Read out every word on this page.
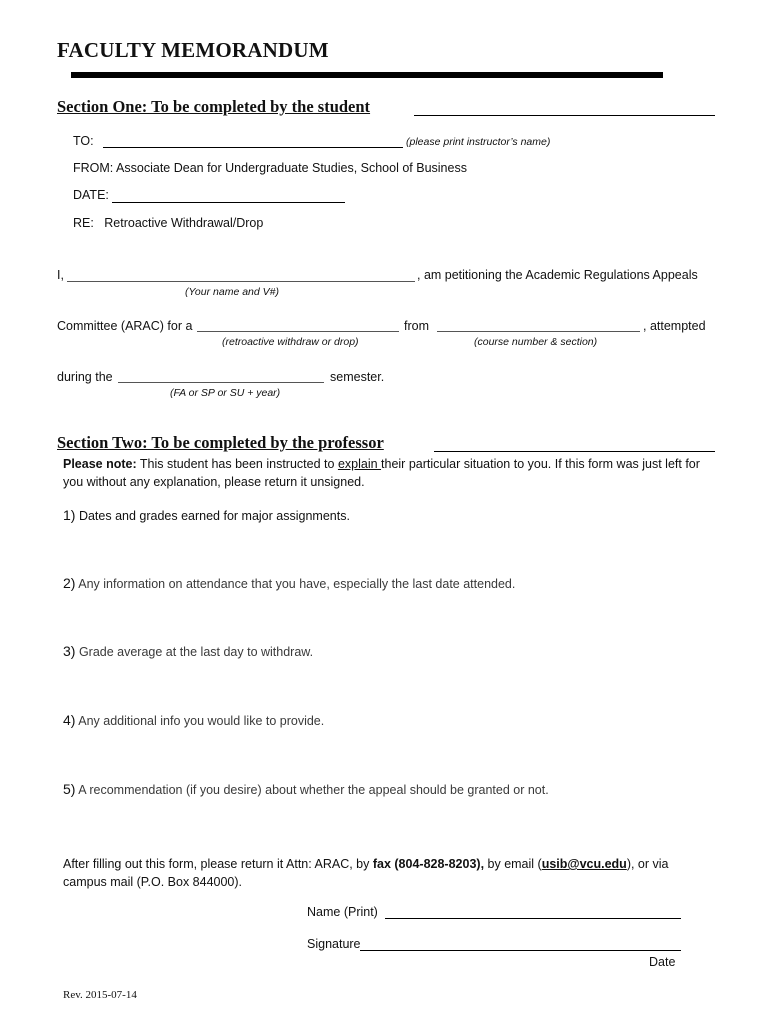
FACULTY MEMORANDUM
Section One: To be completed by the student
TO:	(please print instructor’s name)
FROM: Associate Dean for Undergraduate Studies, School of Business
DATE:
RE:   Retroactive Withdrawal/Drop
I,	, am petitioning the Academic Regulations Appeals
(Your name and V#)
Committee (ARAC) for a	from	, attempted
(retroactive withdraw or drop)	(course number & section)
during the	semester.
(FA or SP or SU + year)
Section Two: To be completed by the professor
Please note: This student has been instructed to explain their particular situation to you. If this form was just left for you without any explanation, please return it unsigned.
1) Dates and grades earned for major assignments.
2) Any information on attendance that you have, especially the last date attended.
3) Grade average at the last day to withdraw.
4) Any additional info you would like to provide.
5) A recommendation (if you desire) about whether the appeal should be granted or not.
After filling out this form, please return it Attn: ARAC, by fax (804-828-8203), by email (usib@vcu.edu), or via campus mail (P.O. Box 844000).
Name (Print)
Signature
Date
Rev. 2015-07-14
